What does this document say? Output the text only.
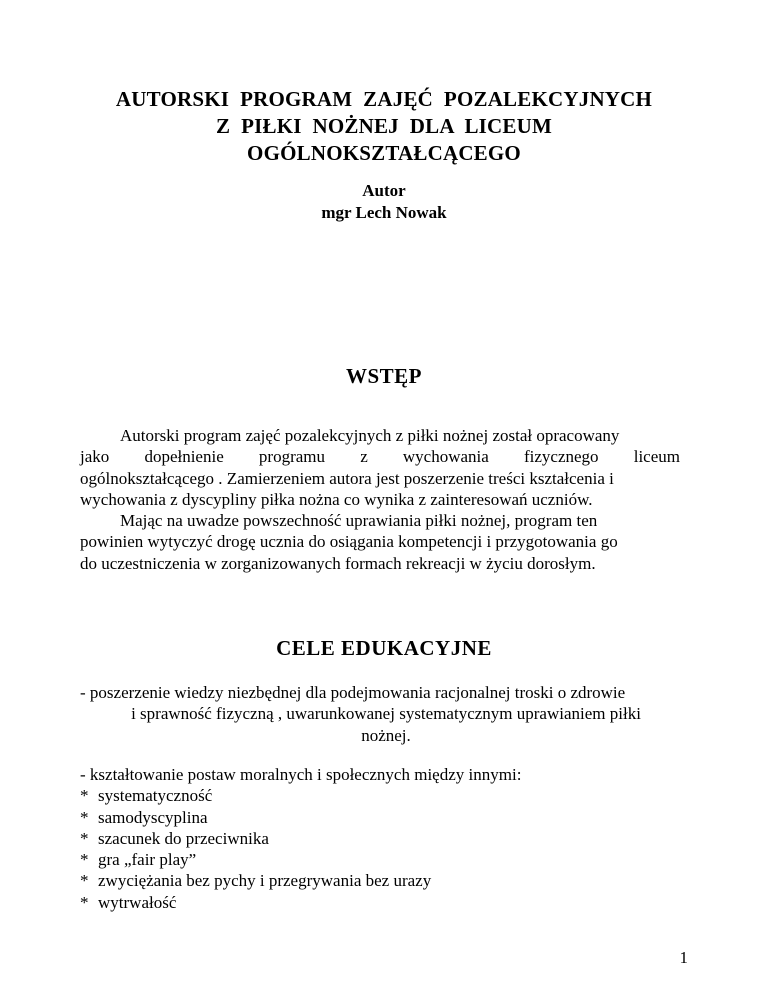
AUTORSKI  PROGRAM  ZAJĘĆ  POZALEKCYJNYCH
Z  PIŁKI  NOŻNEJ  DLA  LICEUM
OGÓLNOKSZTAŁCĄCEGO
Autor
mgr Lech Nowak
WSTĘP
Autorski program zajęć pozalekcyjnych z piłki nożnej został opracowany
jako dopełnienie programu z wychowania fizycznego liceum
ogólnokształcącego . Zamierzeniem autora jest poszerzenie treści kształcenia i
wychowania z dyscypliny piłka nożna co wynika z zainteresowań uczniów.
Mając na uwadze powszechność uprawiania piłki nożnej, program ten
powinien wytyczyć drogę ucznia do osiągania kompetencji i przygotowania go
do uczestniczenia w zorganizowanych formach rekreacji w życiu dorosłym.
CELE EDUKACYJNE
- poszerzenie wiedzy niezbędnej dla podejmowania racjonalnej troski o zdrowie
i sprawność fizyczną , uwarunkowanej systematycznym uprawianiem piłki
nożnej.
- kształtowanie postaw moralnych i społecznych między innymi:
* systematyczność
* samodyscyplina
* szacunek do przeciwnika
* gra „fair play”
* zwyciężania bez pychy i przegrywania bez urazy
* wytrwałość
1
